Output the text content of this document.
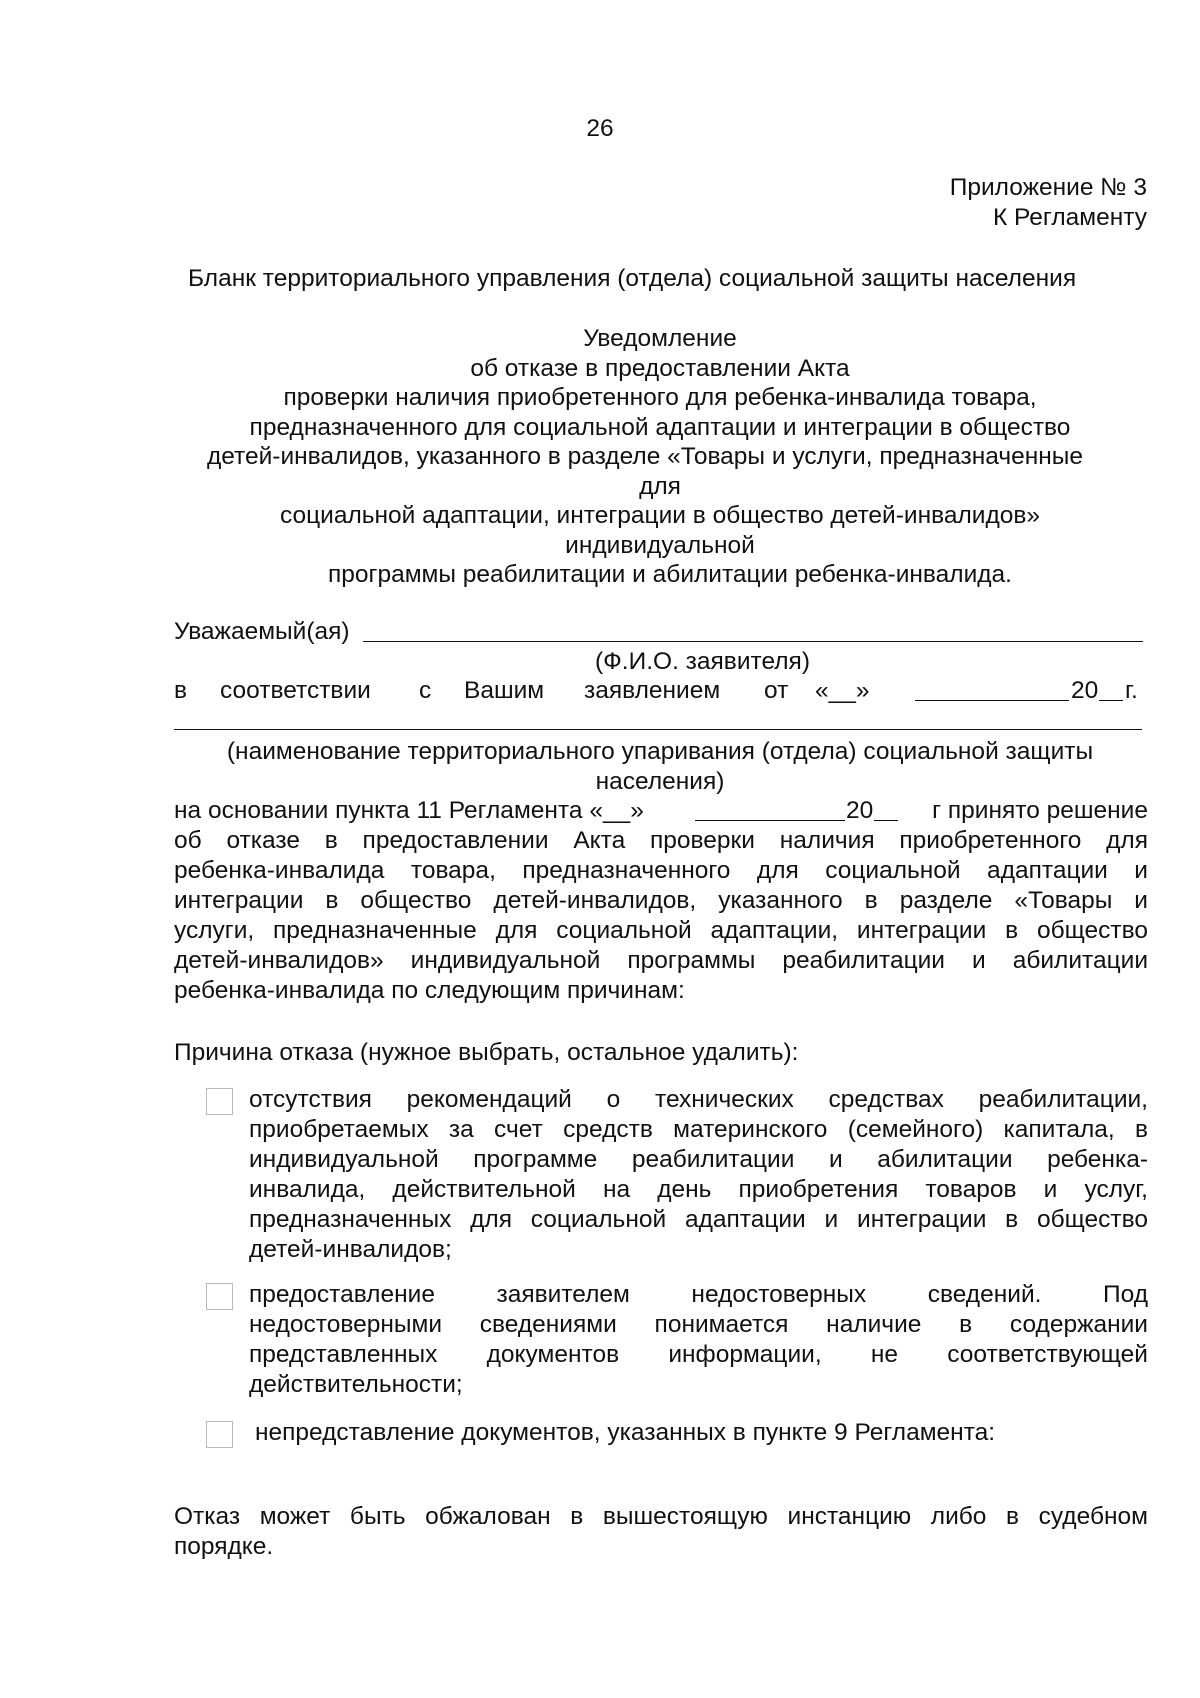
26
Приложение № 3
К Регламенту
Бланк территориального управления (отдела) социальной защиты населения
Уведомление
об отказе в предоставлении Акта
проверки наличия приобретенного для ребенка-инвалида товара,
предназначенного для социальной адаптации и интеграции в общество
детей-инвалидов, указанного в разделе «Товары и услуги, предназначенные
для
социальной адаптации, интеграции в общество детей-инвалидов»
индивидуальной
программы реабилитации и абилитации ребенка-инвалида.
Уважаемый(ая)
(Ф.И.О. заявителя)
в соответствии с Вашим заявлением от «__»	20 г.
(наименование территориального упаривания (отдела) социальной защиты
населения)
на основании пункта 11 Регламента «__»	20 г принято решение
об отказе в предоставлении Акта проверки наличия приобретенного для
ребенка-инвалида товара, предназначенного для социальной адаптации и
интеграции в общество детей-инвалидов, указанного в разделе «Товары и
услуги, предназначенные для социальной адаптации, интеграции в общество
детей-инвалидов» индивидуальной программы реабилитации и абилитации
ребенка-инвалида по следующим причинам:
Причина отказа (нужное выбрать, остальное удалить):
отсутствия рекомендаций о технических средствах реабилитации,
приобретаемых за счет средств материнского (семейного) капитала, в
индивидуальной программе реабилитации и абилитации ребенка-
инвалида, действительной на день приобретения товаров и услуг,
предназначенных для социальной адаптации и интеграции в общество
детей-инвалидов;
предоставление заявителем недостоверных сведений. Под
недостоверными сведениями понимается наличие в содержании
представленных документов информации, не соответствующей
действительности;
непредставление документов, указанных в пункте 9 Регламента:
Отказ может быть обжалован в вышестоящую инстанцию либо в судебном
порядке.
